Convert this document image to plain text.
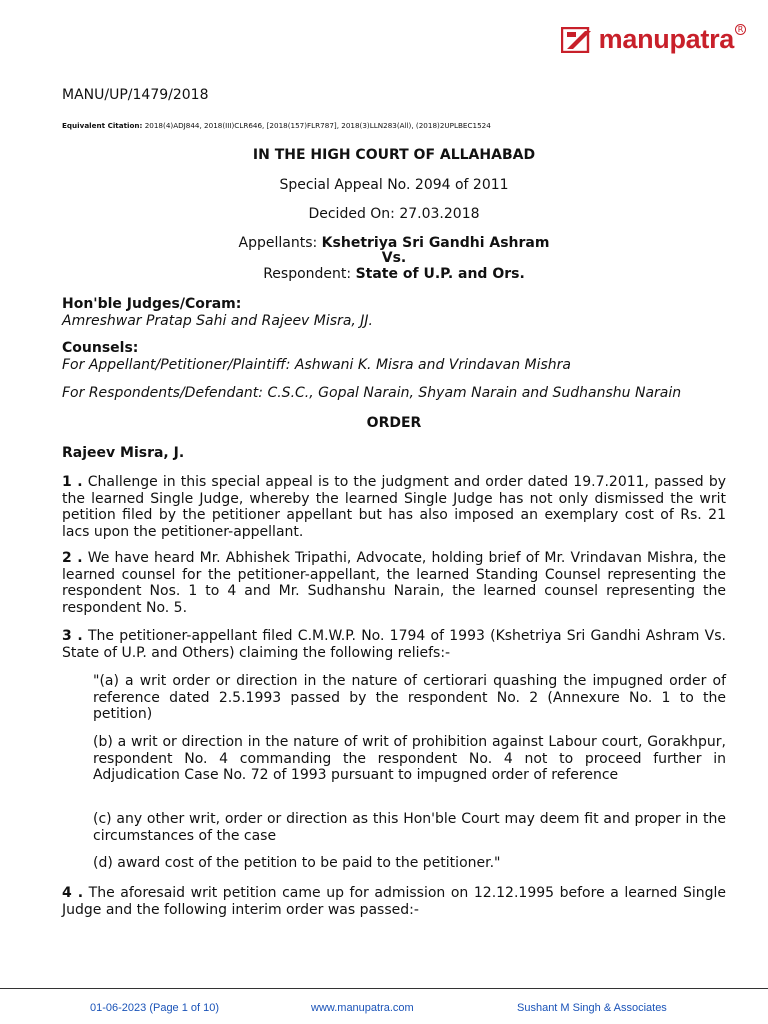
manupatra R
MANU/UP/1479/2018
Equivalent Citation: 2018(4)ADJ844, 2018(III)CLR646, [2018(157)FLR787], 2018(3)LLN283(All), (2018)2UPLBEC1524
IN THE HIGH COURT OF ALLAHABAD
Special Appeal No. 2094 of 2011
Decided On: 27.03.2018
Appellants: Kshetriya Sri Gandhi Ashram
Vs.
Respondent: State of U.P. and Ors.
Hon'ble Judges/Coram:
Amreshwar Pratap Sahi and Rajeev Misra, JJ.
Counsels:
For Appellant/Petitioner/Plaintiff: Ashwani K. Misra and Vrindavan Mishra
For Respondents/Defendant: C.S.C., Gopal Narain, Shyam Narain and Sudhanshu Narain
ORDER
Rajeev Misra, J.
1 . Challenge in this special appeal is to the judgment and order dated 19.7.2011, passed by the learned Single Judge, whereby the learned Single Judge has not only dismissed the writ petition filed by the petitioner appellant but has also imposed an exemplary cost of Rs. 21 lacs upon the petitioner-appellant.
2 . We have heard Mr. Abhishek Tripathi, Advocate, holding brief of Mr. Vrindavan Mishra, the learned counsel for the petitioner-appellant, the learned Standing Counsel representing the respondent Nos. 1 to 4 and Mr. Sudhanshu Narain, the learned counsel representing the respondent No. 5.
3 . The petitioner-appellant filed C.M.W.P. No. 1794 of 1993 (Kshetriya Sri Gandhi Ashram Vs. State of U.P. and Others) claiming the following reliefs:-
"(a) a writ order or direction in the nature of certiorari quashing the impugned order of reference dated 2.5.1993 passed by the respondent No. 2 (Annexure No. 1 to the petition)
(b) a writ or direction in the nature of writ of prohibition against Labour court, Gorakhpur, respondent No. 4 commanding the respondent No. 4 not to proceed further in Adjudication Case No. 72 of 1993 pursuant to impugned order of reference
(c) any other writ, order or direction as this Hon'ble Court may deem fit and proper in the circumstances of the case
(d) award cost of the petition to be paid to the petitioner."
4 . The aforesaid writ petition came up for admission on 12.12.1995 before a learned Single Judge and the following interim order was passed:-
01-06-2023 (Page 1 of 10)	www.manupatra.com	Sushant M Singh & Associates
